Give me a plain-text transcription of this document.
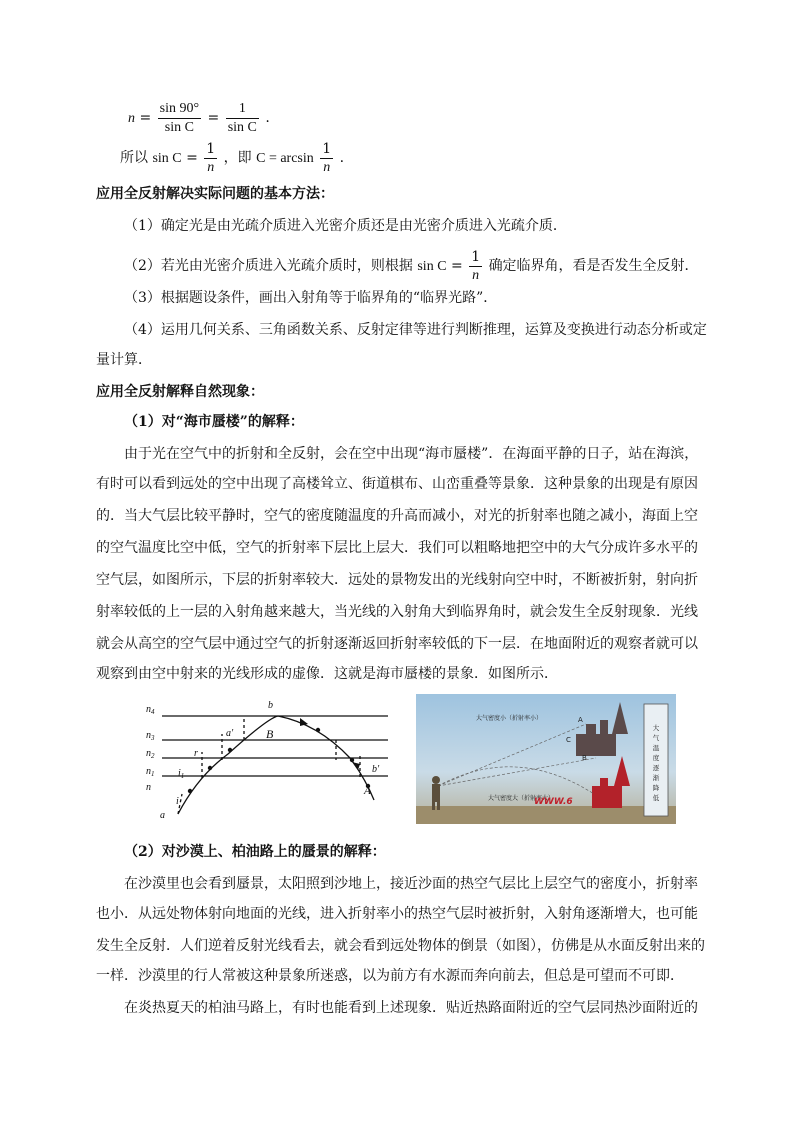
$n = \frac{\sin 90^\circ}{\text{sin C}} = \frac{1}{\text{sin C}}$ .
所以 $\sin C = \frac{1}{n}$ ，即 $C = \arcsin \frac{1}{n}$ .
应用全反射解决实际问题的基本方法：
（1）确定光是由光疏介质进入光密介质还是由光密介质进入光疏介质．
（2）若光由光密介质进入光疏介质时，则根据 $\sin C = \frac{1}{n}$ 确定临界角，看是否发生全反射．
（3）根据题设条件，画出入射角等于临界角的“临界光路”．
（4）运用几何关系、三角函数关系、反射定律等进行判断推理，运算及变换进行动态分析或定
量计算．
应用全反射解释自然现象：
（1）对“海市蜃楼”的解释：
由于光在空气中的折射和全反射，会在空中出现“海市蜃楼”．在海面平静的日子，站在海滨，
有时可以看到远处的空中出现了高楼耸立、街道棋布、山峦重叠等景象．这种景象的出现是有原因
的．当大气层比较平静时，空气的密度随温度的升高而减小，对光的折射率也随之减小，海面上空
的空气温度比空中低，空气的折射率下层比上层大．我们可以粗略地把空中的大气分成许多水平的
空气层，如图所示，下层的折射率较大．远处的景物发出的光线射向空中时，不断被折射，射向折
射率较低的上一层的入射角越来越大，当光线的入射角大到临界角时，就会发生全反射现象．光线
就会从高空的空气层中通过空气的折射逐渐返回折射率较低的下一层．在地面附近的观察者就可以
观察到由空中射来的光线形成的虚像．这就是海市蜃楼的景象．如图所示．
$n_4$
$n_3$
$n_2$
$n_1$
n
b
a′	B
r
$i_1$
i
a
b′
A
大气密度小（折射率小）
大气密度大（折射率大）
A
B
C
大
气
温
度
逐
渐
降
低
WWW.6
（2）对沙漠上、柏油路上的蜃景的解释：
在沙漠里也会看到蜃景，太阳照到沙地上，接近沙面的热空气层比上层空气的密度小，折射率
也小．从远处物体射向地面的光线，进入折射率小的热空气层时被折射，入射角逐渐增大，也可能
发生全反射．人们逆着反射光线看去，就会看到远处物体的倒景（如图），仿佛是从水面反射出来的
一样．沙漠里的行人常被这种景象所迷惑，以为前方有水源而奔向前去，但总是可望而不可即．
在炎热夏天的柏油马路上，有时也能看到上述现象．贴近热路面附近的空气层同热沙面附近的
